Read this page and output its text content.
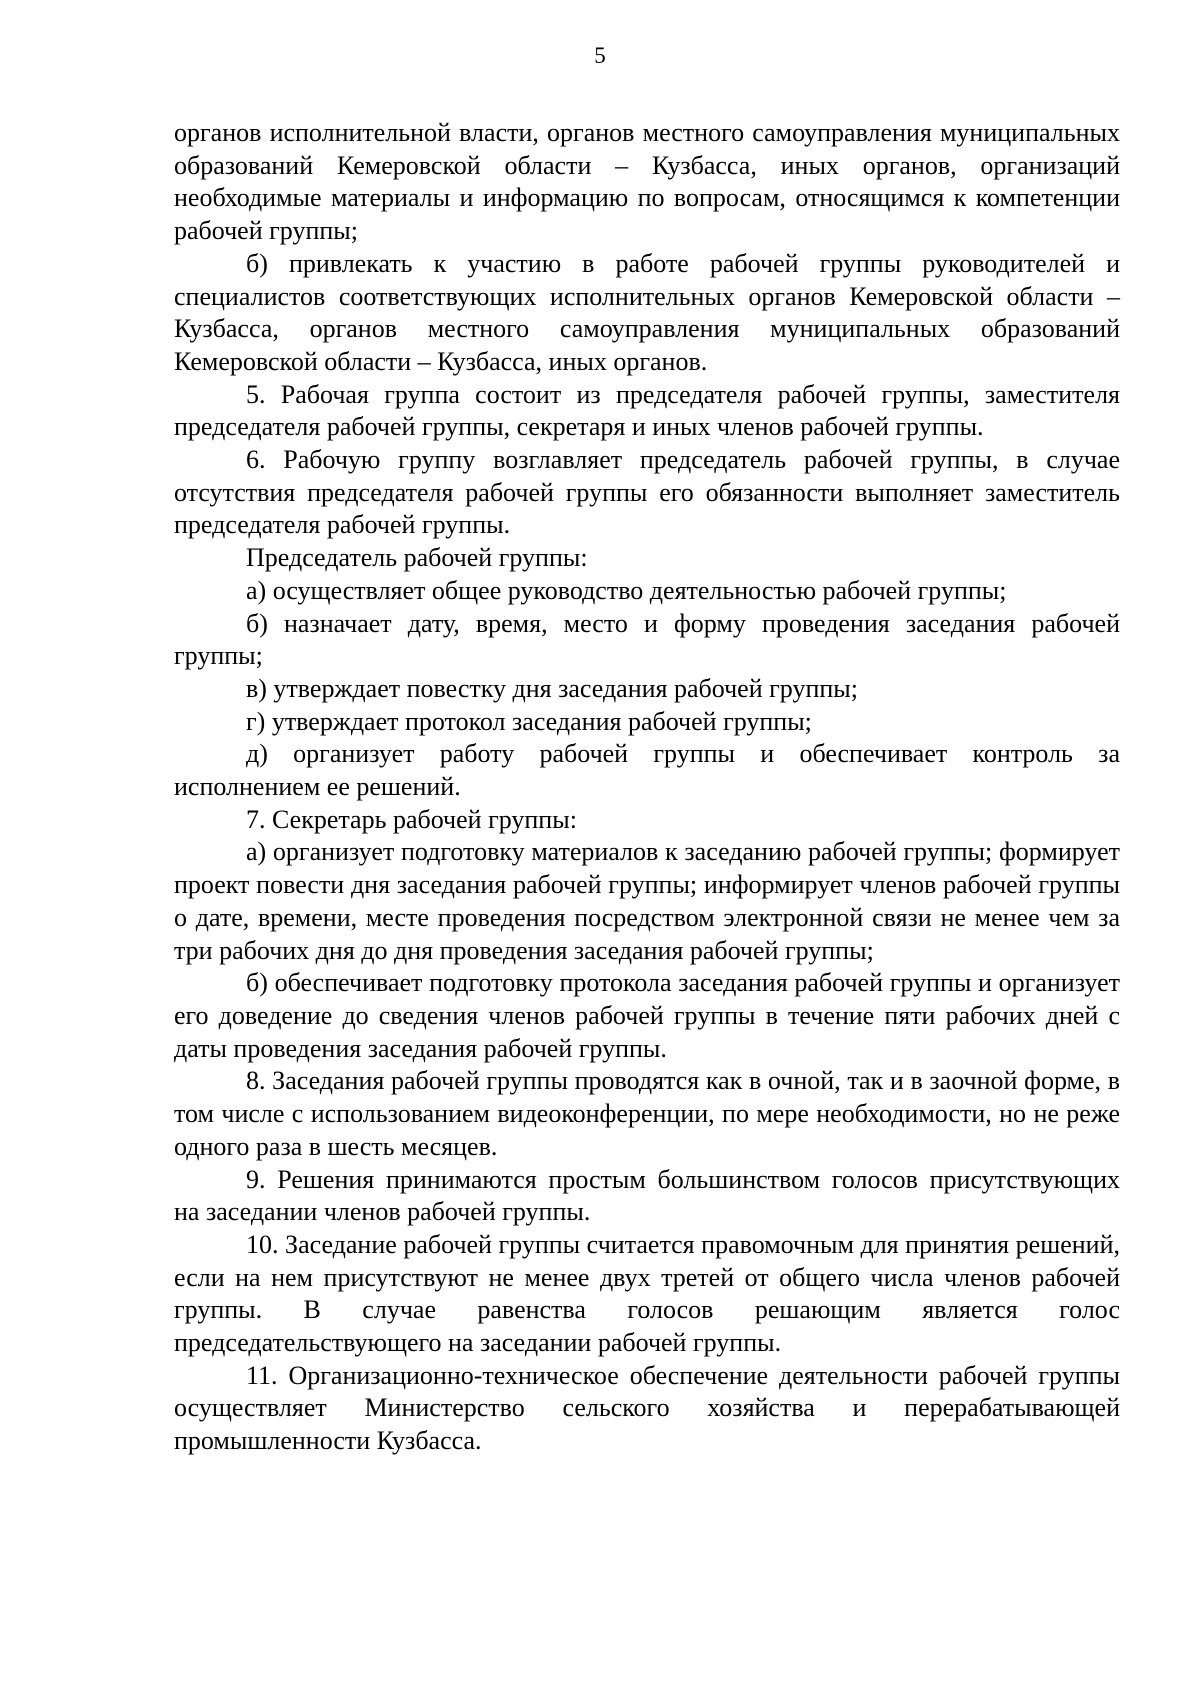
5

органов исполнительной власти, органов местного самоуправления муниципальных образований Кемеровской области – Кузбасса, иных органов, организаций необходимые материалы и информацию по вопросам, относящимся к компетенции рабочей группы;

б) привлекать к участию в работе рабочей группы руководителей и специалистов соответствующих исполнительных органов Кемеровской области – Кузбасса, органов местного самоуправления муниципальных образований Кемеровской области – Кузбасса, иных органов.

5. Рабочая группа состоит из председателя рабочей группы, заместителя председателя рабочей группы, секретаря и иных членов рабочей группы.

6. Рабочую группу возглавляет председатель рабочей группы, в случае отсутствия председателя рабочей группы его обязанности выполняет заместитель председателя рабочей группы.

Председатель рабочей группы:

а) осуществляет общее руководство деятельностью рабочей группы;

б) назначает дату, время, место и форму проведения заседания рабочей группы;

в) утверждает повестку дня заседания рабочей группы;

г) утверждает протокол заседания рабочей группы;

д) организует работу рабочей группы и обеспечивает контроль за исполнением ее решений.

7. Секретарь рабочей группы:

а) организует подготовку материалов к заседанию рабочей группы; формирует проект повести дня заседания рабочей группы; информирует членов рабочей группы о дате, времени, месте проведения посредством электронной связи не менее чем за три рабочих дня до дня проведения заседания рабочей группы;

б) обеспечивает подготовку протокола заседания рабочей группы и организует его доведение до сведения членов рабочей группы в течение пяти рабочих дней с даты проведения заседания рабочей группы.

8. Заседания рабочей группы проводятся как в очной, так и в заочной форме, в том числе с использованием видеоконференции, по мере необходимости, но не реже одного раза в шесть месяцев.

9. Решения принимаются простым большинством голосов присутствующих на заседании членов рабочей группы.

10. Заседание рабочей группы считается правомочным для принятия решений, если на нем присутствуют не менее двух третей от общего числа членов рабочей группы. В случае равенства голосов решающим является голос председательствующего на заседании рабочей группы.

11. Организационно-техническое обеспечение деятельности рабочей группы осуществляет Министерство сельского хозяйства и перерабатывающей промышленности Кузбасса.
